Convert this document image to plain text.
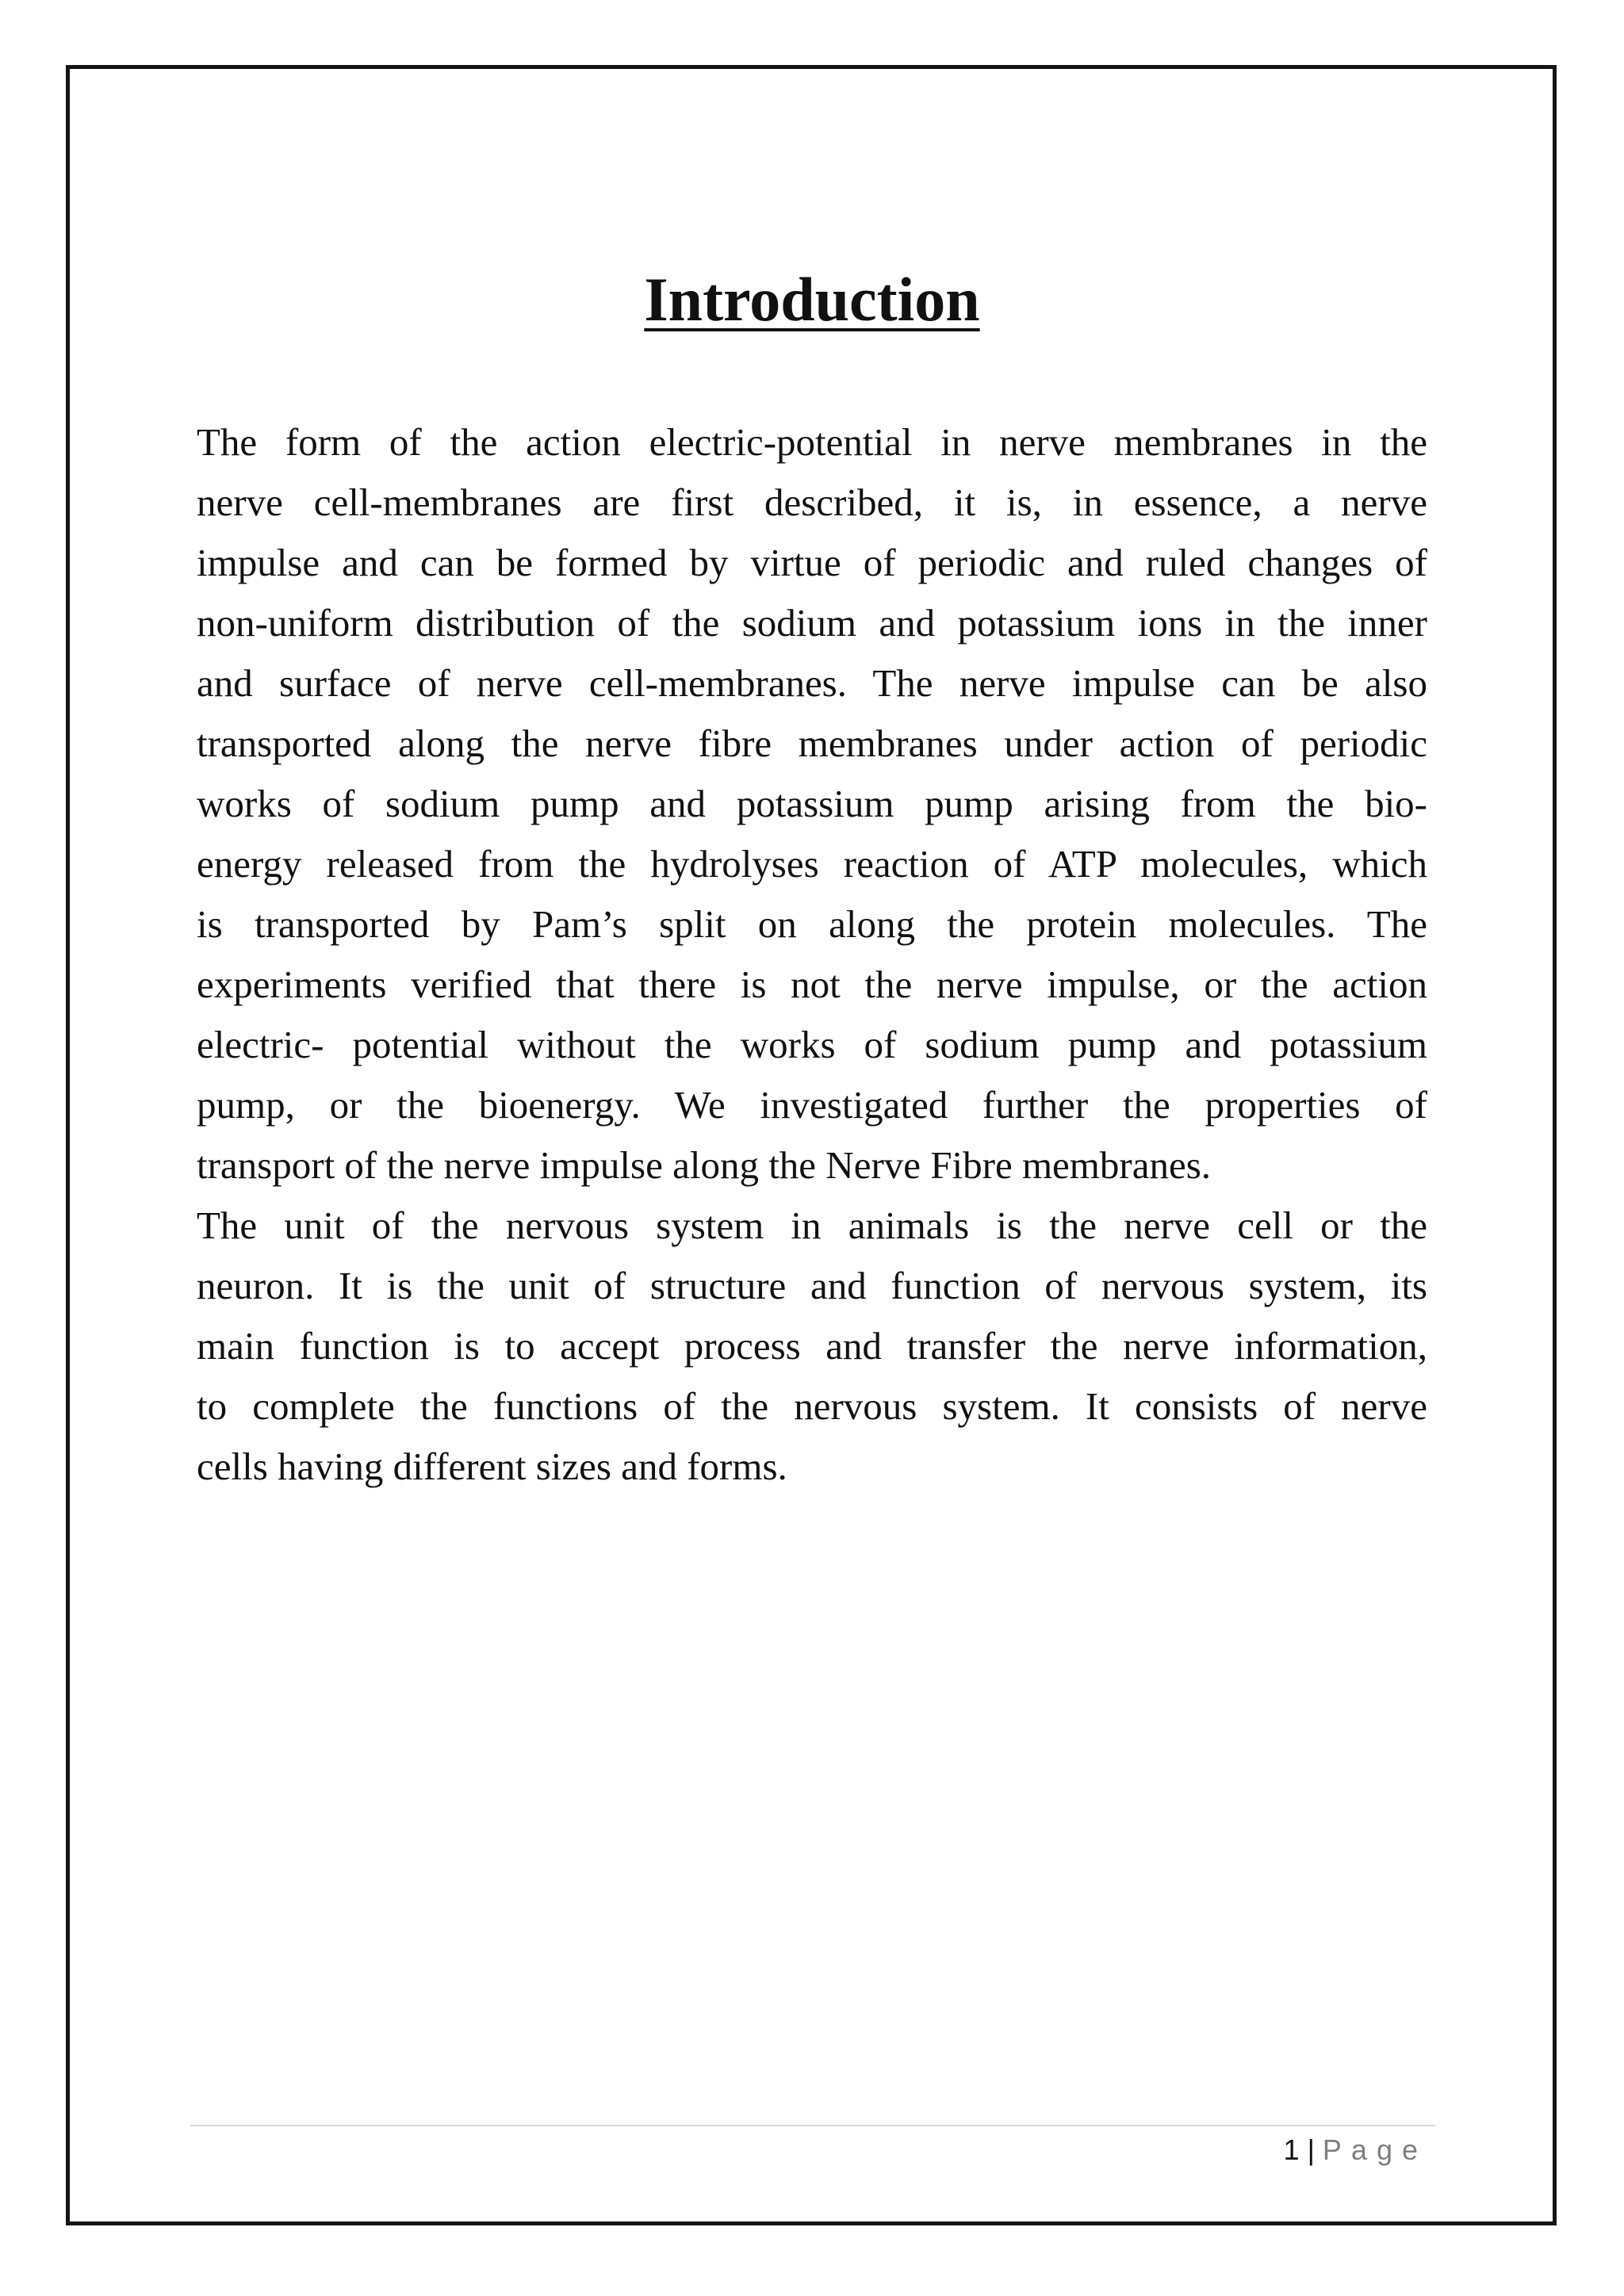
Introduction
The form of the action electric-potential in nerve membranes in the
nerve cell-membranes are first described, it is, in essence, a nerve
impulse and can be formed by virtue of periodic and ruled changes of
non-uniform distribution of the sodium and potassium ions in the inner
and surface of nerve cell-membranes. The nerve impulse can be also
transported along the nerve fibre membranes under action of periodic
works of sodium pump and potassium pump arising from the bio-
energy released from the hydrolyses reaction of ATP molecules, which
is transported by Pam’s split on along the protein molecules. The
experiments verified that there is not the nerve impulse, or the action
electric- potential without the works of sodium pump and potassium
pump, or the bioenergy. We investigated further the properties of
transport of the nerve impulse along the Nerve Fibre membranes.
The unit of the nervous system in animals is the nerve cell or the
neuron. It is the unit of structure and function of nervous system, its
main function is to accept process and transfer the nerve information,
to complete the functions of the nervous system. It consists of nerve
cells having different sizes and forms.
1 | Page
